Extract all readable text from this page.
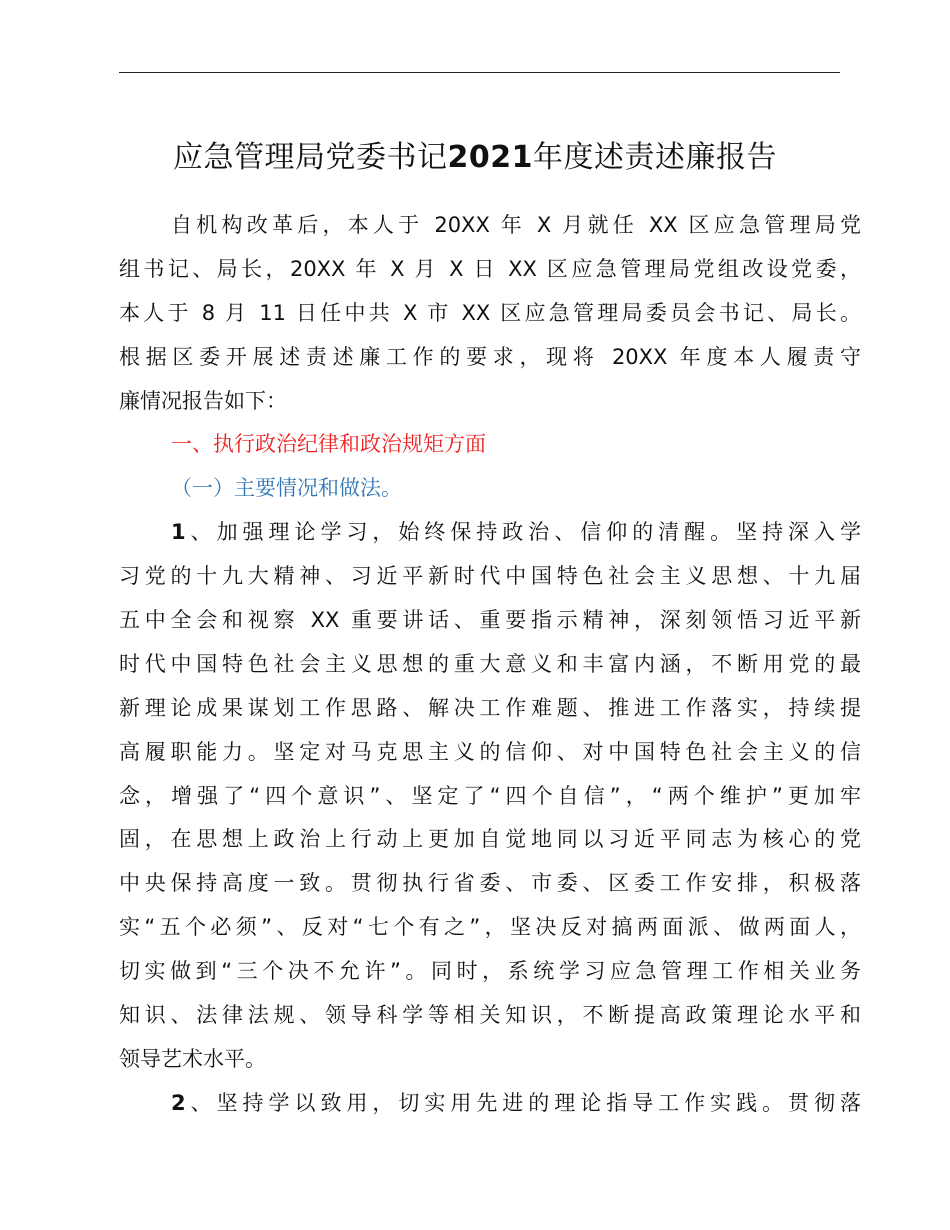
应急管理局党委书记2021年度述责述廉报告
自机构改革后，本人于 20XX 年 X 月就任 XX 区应急管理局党
组书记、局长，20XX 年 X 月 X 日 XX 区应急管理局党组改设党委，
本人于 8 月 11 日任中共 X 市 XX 区应急管理局委员会书记、局长。
根据区委开展述责述廉工作的要求，现将 20XX 年度本人履责守
廉情况报告如下：
一、执行政治纪律和政治规矩方面
（一）主要情况和做法。
1、加强理论学习，始终保持政治、信仰的清醒。坚持深入学
习党的十九大精神、习近平新时代中国特色社会主义思想、十九届
五中全会和视察 XX 重要讲话、重要指示精神，深刻领悟习近平新
时代中国特色社会主义思想的重大意义和丰富内涵，不断用党的最
新理论成果谋划工作思路、解决工作难题、推进工作落实，持续提
高履职能力。坚定对马克思主义的信仰、对中国特色社会主义的信
念，增强了“四个意识”、坚定了“四个自信”，“两个维护”更加牢
固，在思想上政治上行动上更加自觉地同以习近平同志为核心的党
中央保持高度一致。贯彻执行省委、市委、区委工作安排，积极落
实“五个必须”、反对“七个有之”，坚决反对搞两面派、做两面人，
切实做到“三个决不允许”。同时，系统学习应急管理工作相关业务
知识、法律法规、领导科学等相关知识，不断提高政策理论水平和
领导艺术水平。
2、坚持学以致用，切实用先进的理论指导工作实践。贯彻落
